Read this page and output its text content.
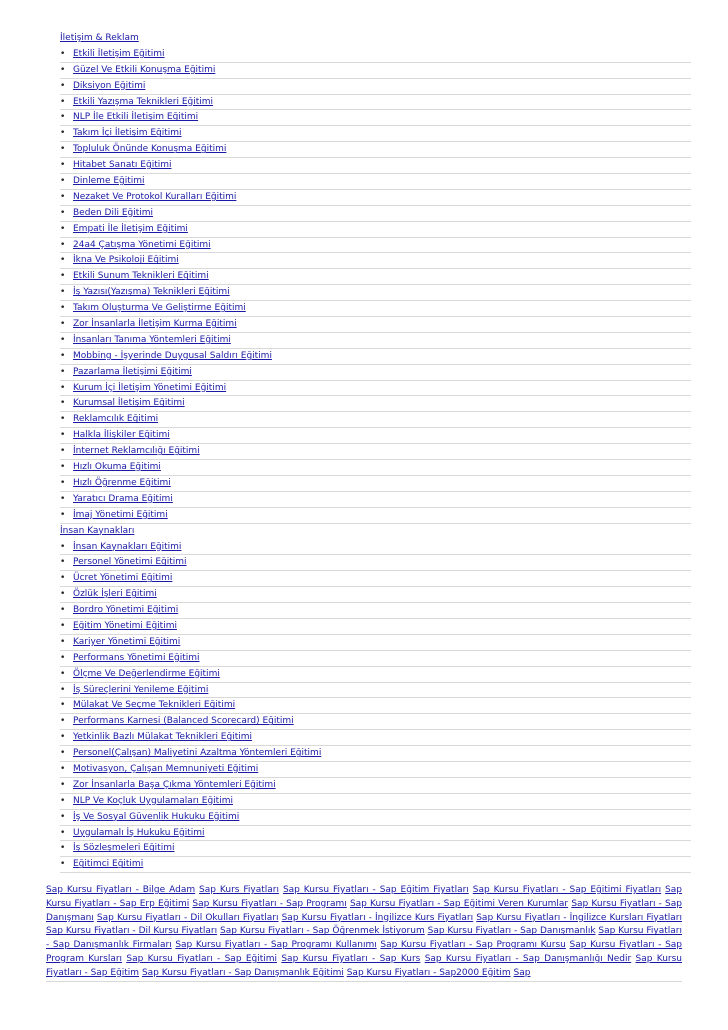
İletişim & Reklam
• Etkili İletişim Eğitimi
• Güzel Ve Etkili Konuşma Eğitimi
• Diksiyon Eğitimi
• Etkili Yazışma Teknikleri Eğitimi
• NLP İle Etkili İletişim Eğitimi
• Takım İçi İletişim Eğitimi
• Topluluk Önünde Konuşma Eğitimi
• Hitabet Sanatı Eğitimi
• Dinleme Eğitimi
• Nezaket Ve Protokol Kuralları Eğitimi
• Beden Dili Eğitimi
• Empati İle İletişim Eğitimi
• 24a4 Çatışma Yönetimi Eğitimi
• İkna Ve Psikoloji Eğitimi
• Etkili Sunum Teknikleri Eğitimi
• İş Yazısı(Yazışma) Teknikleri Eğitimi
• Takım Oluşturma Ve Geliştirme Eğitimi
• Zor İnsanlarla İletişim Kurma Eğitimi
• İnsanları Tanıma Yöntemleri Eğitimi
• Mobbing - İşyerinde Duygusal Saldırı Eğitimi
• Pazarlama İletişimi Eğitimi
• Kurum İçi İletişim Yönetimi Eğitimi
• Kurumsal İletişim Eğitimi
• Reklamcılık Eğitimi
• Halkla İlişkiler Eğitimi
• İnternet Reklamcılığı Eğitimi
• Hızlı Okuma Eğitimi
• Hızlı Öğrenme Eğitimi
• Yaratıcı Drama Eğitimi
• İmaj Yönetimi Eğitimi
İnsan Kaynakları
• İnsan Kaynakları Eğitimi
• Personel Yönetimi Eğitimi
• Ücret Yönetimi Eğitimi
• Özlük İşleri Eğitimi
• Bordro Yönetimi Eğitimi
• Eğitim Yönetimi Eğitimi
• Kariyer Yönetimi Eğitimi
• Performans Yönetimi Eğitimi
• Ölçme Ve Değerlendirme Eğitimi
• İş Süreçlerini Yenileme Eğitimi
• Mülakat Ve Seçme Teknikleri Eğitimi
• Performans Karnesi (Balanced Scorecard) Eğitimi
• Yetkinlik Bazlı Mülakat Teknikleri Eğitimi
• Personel(Çalışan) Maliyetini Azaltma Yöntemleri Eğitimi
• Motivasyon, Çalışan Memnuniyeti Eğitimi
• Zor İnsanlarla Başa Çıkma Yöntemleri Eğitimi
• NLP Ve Koçluk Uygulamaları Eğitimi
• İş Ve Sosyal Güvenlik Hukuku Eğitimi
• Uygulamalı İş Hukuku Eğitimi
• İş Sözleşmeleri Eğitimi
• Eğitimci Eğitimi
Sap Kursu Fiyatları - Bilge Adam Sap Kurs Fiyatları Sap Kursu Fiyatları - Sap Eğitim Fiyatları Sap Kursu Fiyatları - Sap Eğitimi Fiyatları Sap Kursu Fiyatları - Sap Erp Eğitimi Sap Kursu Fiyatları - Sap Programı Sap Kursu Fiyatları - Sap Eğitimi Veren Kurumlar Sap Kursu Fiyatları - Sap Danışmanı Sap Kursu Fiyatları - Dil Okulları Fiyatları Sap Kursu Fiyatları - İngilizce Kurs Fiyatları Sap Kursu Fiyatları - İngilizce Kursları Fiyatları Sap Kursu Fiyatları - Dil Kursu Fiyatları Sap Kursu Fiyatları - Sap Öğrenmek İstiyorum Sap Kursu Fiyatları - Sap Danışmanlık Sap Kursu Fiyatları - Sap Danışmanlık Firmaları Sap Kursu Fiyatları - Sap Programı Kullanımı Sap Kursu Fiyatları - Sap Programı Kursu Sap Kursu Fiyatları - Sap Program Kursları Sap Kursu Fiyatları - Sap Eğitimi Sap Kursu Fiyatları - Sap Kurs Sap Kursu Fiyatları - Sap Danışmanlığı Nedir Sap Kursu Fiyatları - Sap Eğitim Sap Kursu Fiyatları - Sap Danışmanlık Eğitimi Sap Kursu Fiyatları - Sap2000 Eğitim Sap
